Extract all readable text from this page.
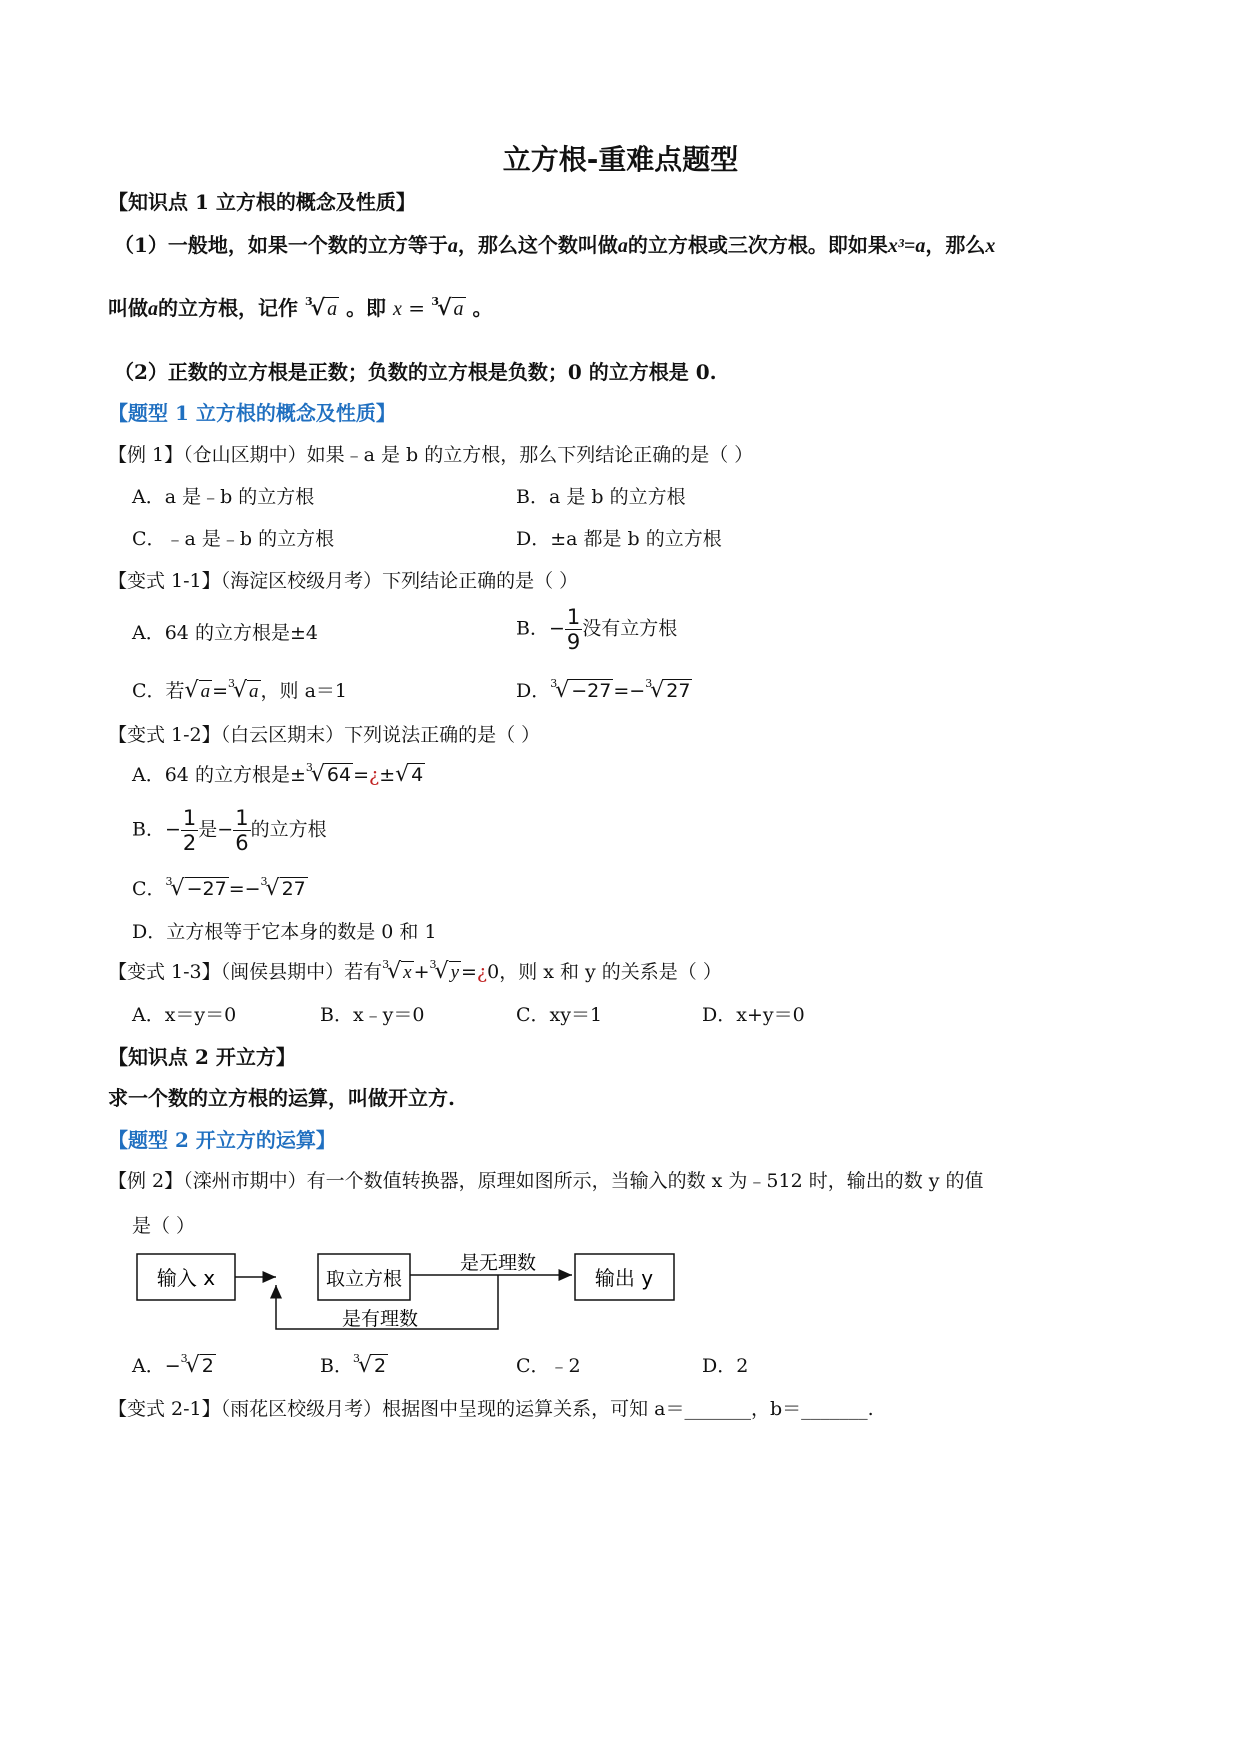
立方根-重难点题型
【知识点 1 立方根的概念及性质】
（1）一般地，如果一个数的立方等于a，那么这个数叫做a的立方根或三次方根。即如果x³=a，那么x
叫做a的立方根，记作 $^3$√ a 。即 x = $^3$√ a 。
（2）正数的立方根是正数；负数的立方根是负数；0 的立方根是 0.
【题型 1 立方根的概念及性质】
【例 1】（仓山区期中）如果﹣a 是 b 的立方根，那么下列结论正确的是（ ）
A．a 是﹣b 的立方根	B．a 是 b 的立方根
C．﹣a 是﹣b 的立方根	D．±a 都是 b 的立方根
【变式 1-1】（海淀区校级月考）下列结论正确的是（ ）
A．64 的立方根是±4	B．− $\frac{1}{9}$ 没有立方根
C．若√ a =$^3$√ a ，则 a＝1	D．$^3$√ −27 =−$^3$√ 27
【变式 1-2】（白云区期末）下列说法正确的是（ ）
A．64 的立方根是±$^3$√ 64 =¿±√ 4
B．− $\frac{1}{2}$ 是− $\frac{1}{6}$ 的立方根
C．$^3$√ −27 =−$^3$√ 27
D．立方根等于它本身的数是 0 和 1
【变式 1-3】（闽侯县期中）若有$^3$√ x +$^3$√ y =¿0，则 x 和 y 的关系是（ ）
A．x＝y＝0	B．x﹣y＝0	C．xy＝1	D．x+y＝0
【知识点 2 开立方】
求一个数的立方根的运算，叫做开立方.
【题型 2 开立方的运算】
【例 2】（滦州市期中）有一个数值转换器，原理如图所示，当输入的数 x 为﹣512 时，输出的数 y 的值
是（ ）
输入 x	取立方根
是无理数
输出 y
是有理数
A．−$^3$√ 2	B．$^3$√ 2	C．﹣2	D．2
【变式 2-1】（雨花区校级月考）根据图中呈现的运算关系，可知 a＝_______，b＝_______.
